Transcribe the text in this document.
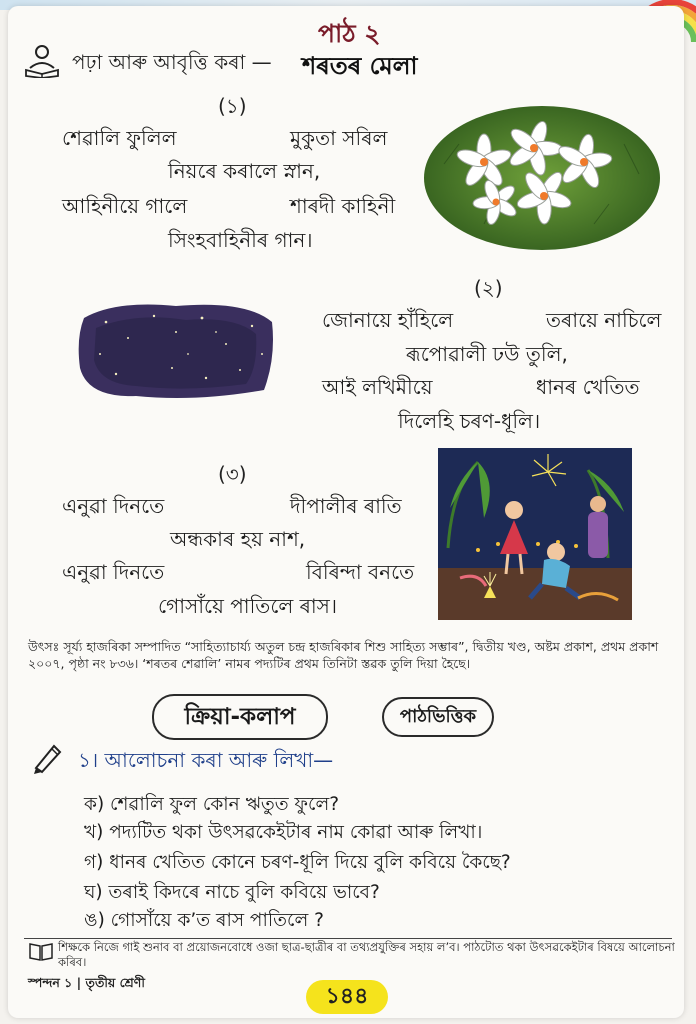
পাঠ ২
পঢ়া আৰু আবৃত্তি কৰা — শৰতৰ মেলা
(১)
শেৱালি ফুলিল	মুকুতা সৰিল
নিয়ৰে কৰালে স্নান,
আহিনীয়ে গালে	শাৰদী কাহিনী
সিংহবাহিনীৰ গান।
(২)
জোনায়ে হাঁহিলে	তৰায়ে নাচিলে
ৰূপোৱালী ঢউ তুলি,
আই লখিমীয়ে	ধানৰ খেতিত
দিলেহি চৰণ-ধূলি।
(৩)
এনুৱা দিনতে	দীপালীৰ ৰাতি
অন্ধকাৰ হয় নাশ,
এনুৱা দিনতে	বিৰিন্দা বনতে
গোসাঁয়ে পাতিলে ৰাস।
উৎসঃ সূৰ্য্য হাজৰিকা সম্পাদিত “সাহিত্যাচাৰ্য্য অতুল চন্দ্ৰ হাজৰিকাৰ শিশু সাহিত্য সম্ভাৰ”, দ্বিতীয় খণ্ড, অষ্টম প্ৰকাশ, প্ৰথম প্ৰকাশ ২০০৭, পৃষ্ঠা নং ৮৩৬। ‘শৰতৰ শেৱালি’ নামৰ পদ্যটিৰ প্ৰথম তিনিটা স্তৱক তুলি দিয়া হৈছে।
ক্ৰিয়া-কলাপ	পাঠভিত্তিক
১। আলোচনা কৰা আৰু লিখা—
ক) শেৱালি ফুল কোন ঋতুত ফুলে?
খ) পদ্যটিত থকা উৎসৱকেইটাৰ নাম কোৱা আৰু লিখা।
গ) ধানৰ খেতিত কোনে চৰণ-ধূলি দিয়ে বুলি কবিয়ে কৈছে?
ঘ) তৰাই কিদৰে নাচে বুলি কবিয়ে ভাবে?
ঙ) গোসাঁয়ে ক’ত ৰাস পাতিলে ?
শিক্ষকে নিজে গাই শুনাব বা প্ৰয়োজনবোধে ওজা ছাত্ৰ-ছাত্ৰীৰ বা তথ্যপ্ৰযুক্তিৰ সহায় ল’ব। পাঠটোত থকা উৎসৱকেইটাৰ বিষয়ে আলোচনা কৰিব।
স্পন্দন ১ | তৃতীয় শ্ৰেণী
১৪৪
